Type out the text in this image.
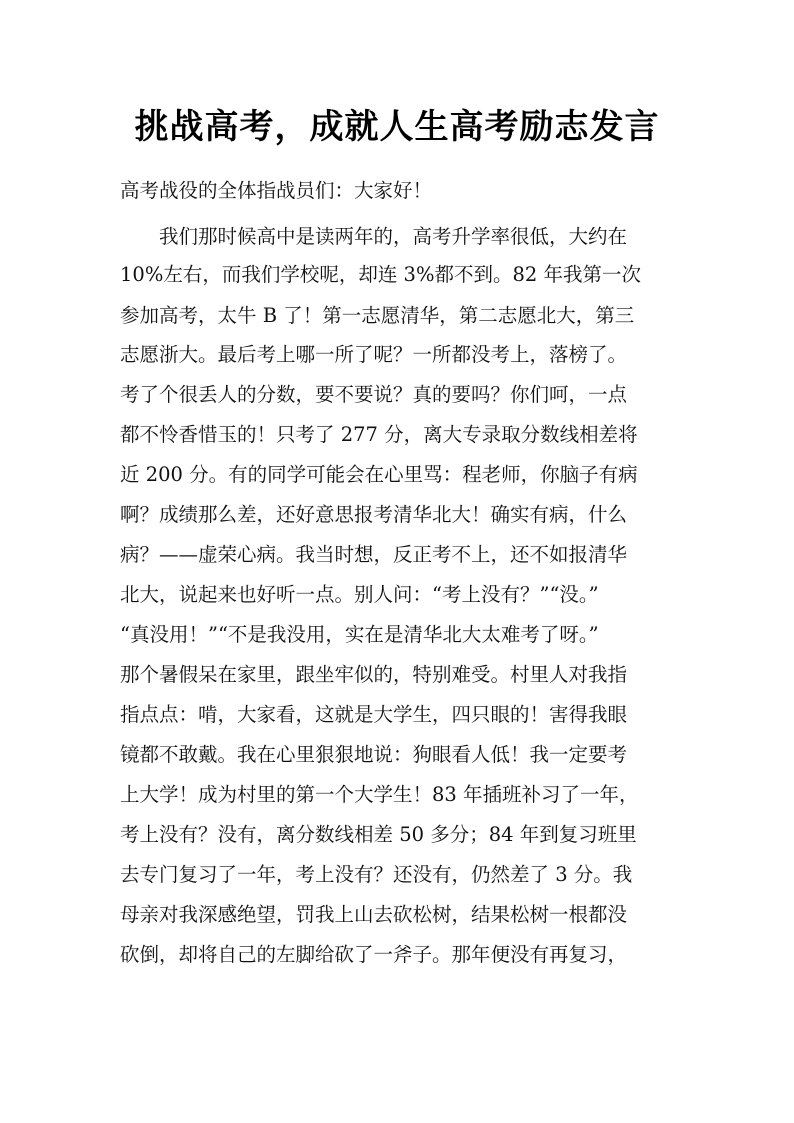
挑战高考，成就人生高考励志发言
高考战役的全体指战员们：大家好！
　　我们那时候高中是读两年的，高考升学率很低，大约在
10%左右，而我们学校呢，却连 3%都不到。82 年我第一次
参加高考，太牛 B 了！第一志愿清华，第二志愿北大，第三
志愿浙大。最后考上哪一所了呢？一所都没考上，落榜了。
考了个很丢人的分数，要不要说？真的要吗？你们呵，一点
都不怜香惜玉的！只考了 277 分，离大专录取分数线相差将
近 200 分。有的同学可能会在心里骂：程老师，你脑子有病
啊？成绩那么差，还好意思报考清华北大！确实有病，什么
病？——虚荣心病。我当时想，反正考不上，还不如报清华
北大，说起来也好听一点。别人问：“考上没有？”“没。”
“真没用！”“不是我没用，实在是清华北大太难考了呀。”
那个暑假呆在家里，跟坐牢似的，特别难受。村里人对我指
指点点：啃，大家看，这就是大学生，四只眼的！害得我眼
镜都不敢戴。我在心里狠狠地说：狗眼看人低！我一定要考
上大学！成为村里的第一个大学生！83 年插班补习了一年，
考上没有？没有，离分数线相差 50 多分；84 年到复习班里
去专门复习了一年，考上没有？还没有，仍然差了 3 分。我
母亲对我深感绝望，罚我上山去砍松树，结果松树一根都没
砍倒，却将自己的左脚给砍了一斧子。那年便没有再复习，
